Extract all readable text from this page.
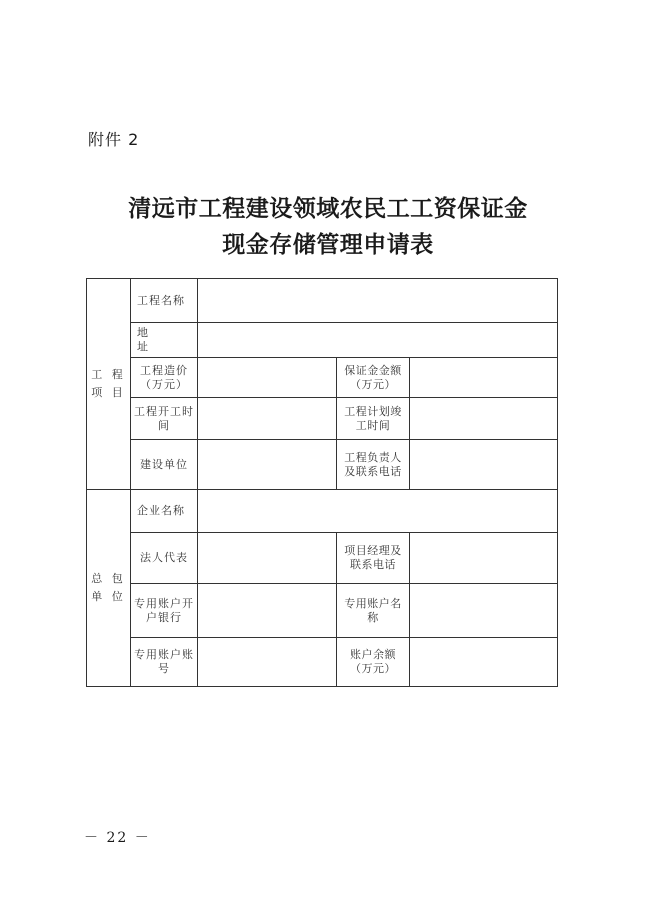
附件 2
清远市工程建设领域农民工工资保证金
现金存储管理申请表
工 程 项 目	工程名称			
	地 址			
	工程造价（万元）		保证金金额（万元）	
	工程开工时 间		工程计划竣工时间	
	建设单位		工程负责人及联系电话	
总 包 单 位	企业名称			
	法人代表		项目经理及联系电话	
	专用账户开户银行		专用账户名称	
	专用账户账号		账户余额（万元）	
－ 22 －
